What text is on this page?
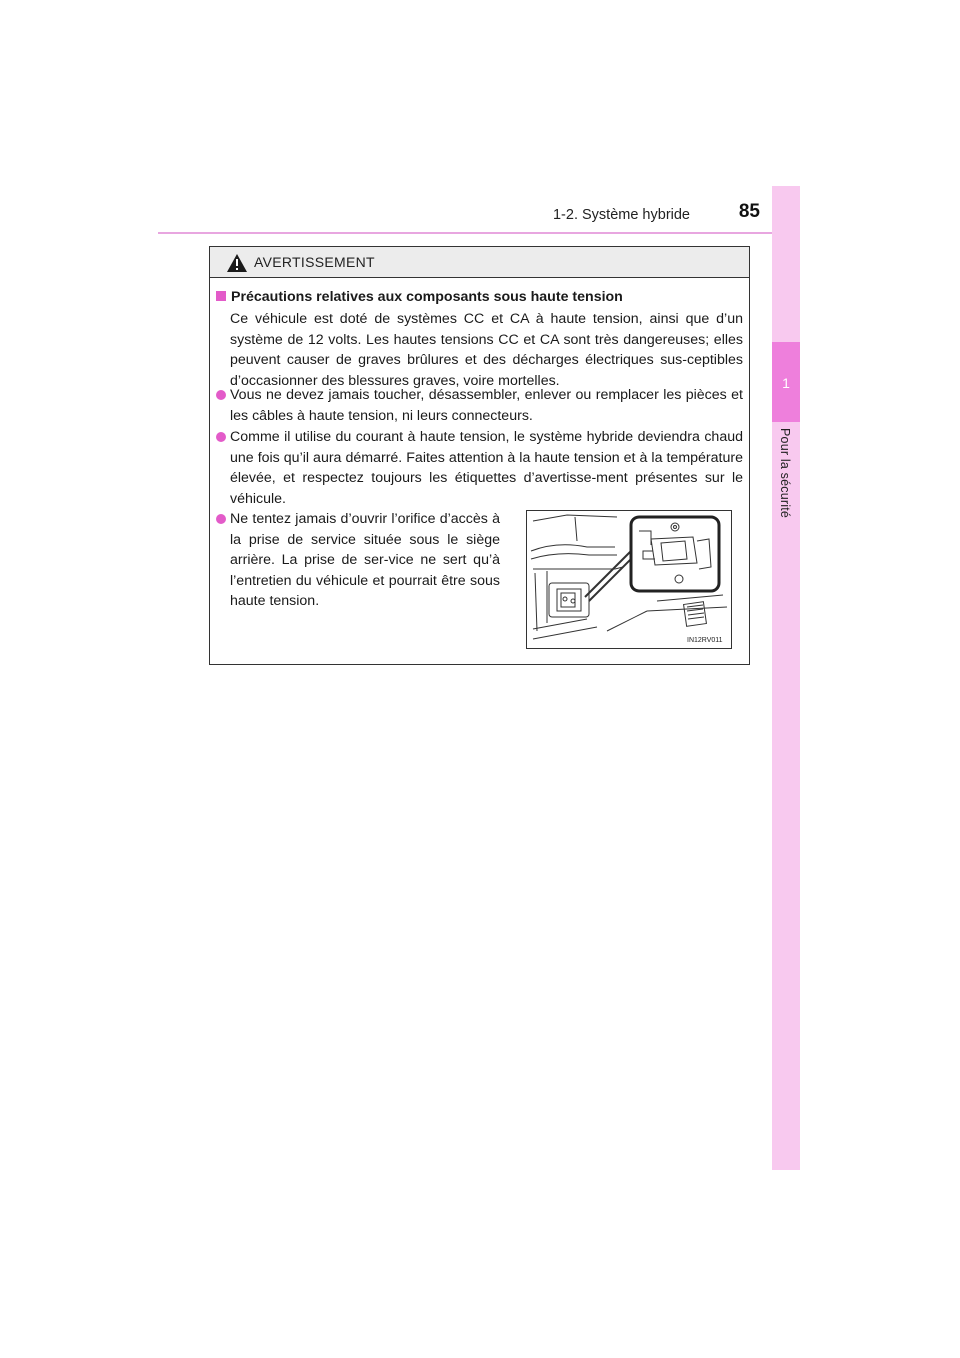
1-2. Système hybride	85
1
Pour la sécurité
AVERTISSEMENT
Précautions relatives aux composants sous haute tension
Ce véhicule est doté de systèmes CC et CA à haute tension, ainsi que d’un système de 12 volts. Les hautes tensions CC et CA sont très dangereuses; elles peuvent causer de graves brûlures et des décharges électriques sus-ceptibles d’occasionner des blessures graves, voire mortelles.
Vous ne devez jamais toucher, désassembler, enlever ou remplacer les pièces et les câbles à haute tension, ni leurs connecteurs.
Comme il utilise du courant à haute tension, le système hybride deviendra chaud une fois qu’il aura démarré. Faites attention à la haute tension et à la température élevée, et respectez toujours les étiquettes d’avertisse-ment présentes sur le véhicule.
Ne tentez jamais d’ouvrir l’orifice d’accès à la prise de service située sous le siège arrière. La prise de ser-vice ne sert qu’à l’entretien du véhicule et pourrait être sous haute tension.
IN12RV011
